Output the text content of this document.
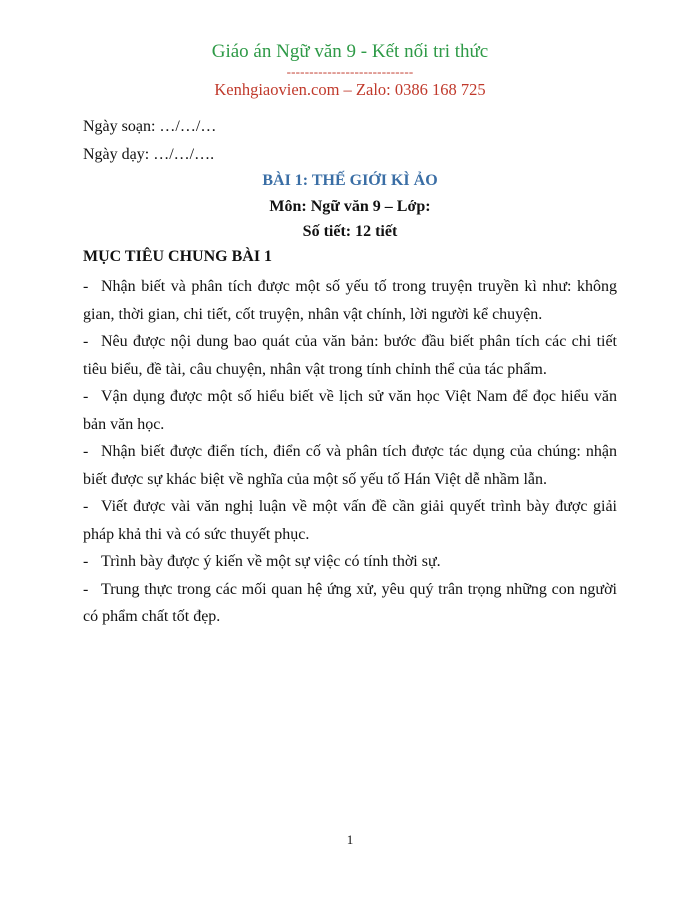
Giáo án Ngữ văn 9 - Kết nối tri thức
----------------------------
Kenhgiaovien.com – Zalo: 0386 168 725
Ngày soạn: …/…/…
Ngày dạy: …/…/….
BÀI 1: THẾ GIỚI KÌ ẢO
Môn: Ngữ văn 9 – Lớp:
Số tiết: 12 tiết
MỤC TIÊU CHUNG BÀI 1
- Nhận biết và phân tích được một số yếu tố trong truyện truyền kì như: không gian, thời gian, chi tiết, cốt truyện, nhân vật chính, lời người kể chuyện.
- Nêu được nội dung bao quát của văn bản: bước đầu biết phân tích các chi tiết tiêu biểu, đề tài, câu chuyện, nhân vật trong tính chỉnh thể của tác phẩm.
- Vận dụng được một số hiểu biết về lịch sử văn học Việt Nam để đọc hiểu văn bản văn học.
- Nhận biết được điển tích, điển cố và phân tích được tác dụng của chúng: nhận biết được sự khác biệt về nghĩa của một số yếu tố Hán Việt dễ nhầm lẫn.
- Viết được vài văn nghị luận về một vấn đề cần giải quyết trình bày được giải pháp khả thi và có sức thuyết phục.
- Trình bày được ý kiến về một sự việc có tính thời sự.
- Trung thực trong các mối quan hệ ứng xử, yêu quý trân trọng những con người có phẩm chất tốt đẹp.
1
